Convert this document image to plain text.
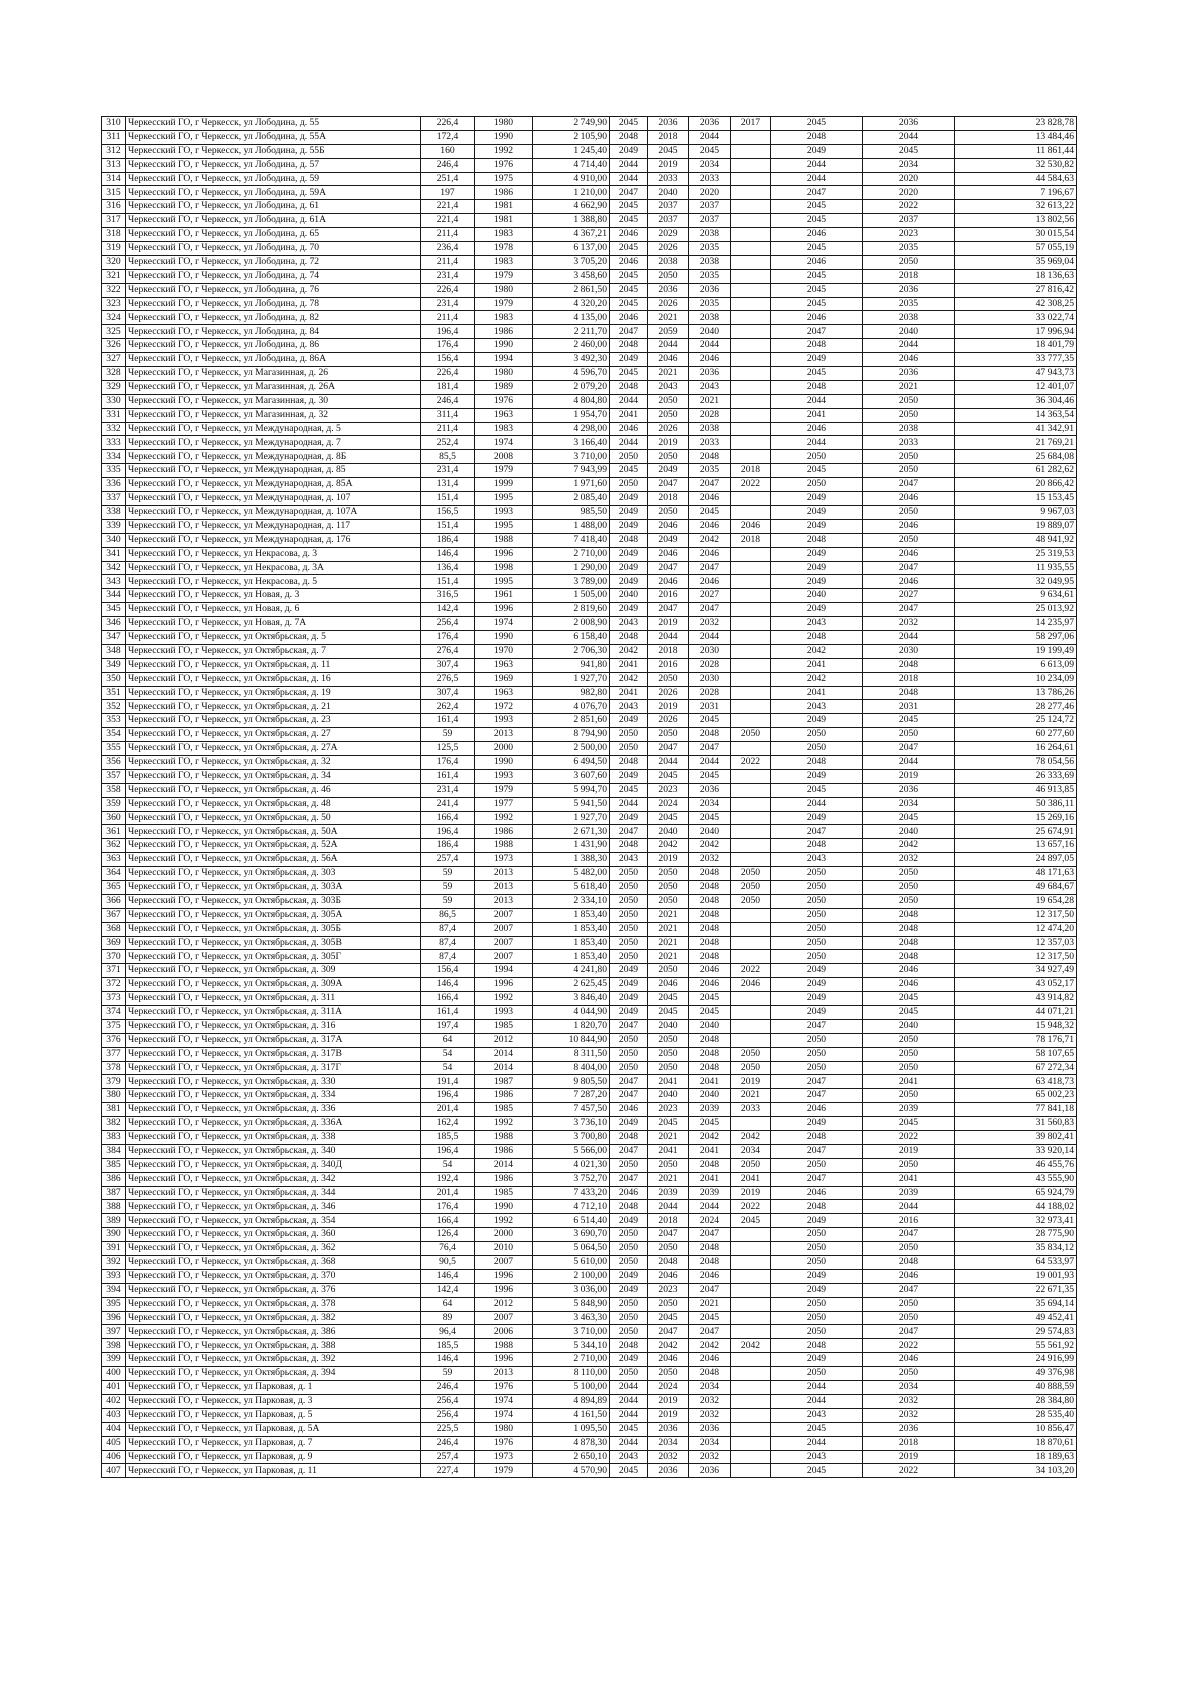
310	Черкесский ГО, г Черкесск, ул Лободина, д. 55	226,4	1980	2 749,90	2045	2036	2036	2017	2045	2036	23 828,78
311	Черкесский ГО, г Черкесск, ул Лободина, д. 55А	172,4	1990	2 105,90	2048	2018	2044		2048	2044	13 484,46
312	Черкесский ГО, г Черкесск, ул Лободина, д. 55Б	160	1992	1 245,40	2049	2045	2045		2049	2045	11 861,44
313	Черкесский ГО, г Черкесск, ул Лободина, д. 57	246,4	1976	4 714,40	2044	2019	2034		2044	2034	32 530,82
314	Черкесский ГО, г Черкесск, ул Лободина, д. 59	251,4	1975	4 910,00	2044	2033	2033		2044	2020	44 584,63
315	Черкесский ГО, г Черкесск, ул Лободина, д. 59А	197	1986	1 210,00	2047	2040	2020		2047	2020	7 196,67
316	Черкесский ГО, г Черкесск, ул Лободина, д. 61	221,4	1981	4 662,90	2045	2037	2037		2045	2022	32 613,22
317	Черкесский ГО, г Черкесск, ул Лободина, д. 61А	221,4	1981	1 388,80	2045	2037	2037		2045	2037	13 802,56
318	Черкесский ГО, г Черкесск, ул Лободина, д. 65	211,4	1983	4 367,21	2046	2029	2038		2046	2023	30 015,54
319	Черкесский ГО, г Черкесск, ул Лободина, д. 70	236,4	1978	6 137,00	2045	2026	2035		2045	2035	57 055,19
320	Черкесский ГО, г Черкесск, ул Лободина, д. 72	211,4	1983	3 705,20	2046	2038	2038		2046	2050	35 969,04
321	Черкесский ГО, г Черкесск, ул Лободина, д. 74	231,4	1979	3 458,60	2045	2050	2035		2045	2018	18 136,63
322	Черкесский ГО, г Черкесск, ул Лободина, д. 76	226,4	1980	2 861,50	2045	2036	2036		2045	2036	27 816,42
323	Черкесский ГО, г Черкесск, ул Лободина, д. 78	231,4	1979	4 320,20	2045	2026	2035		2045	2035	42 308,25
324	Черкесский ГО, г Черкесск, ул Лободина, д. 82	211,4	1983	4 135,00	2046	2021	2038		2046	2038	33 022,74
325	Черкесский ГО, г Черкесск, ул Лободина, д. 84	196,4	1986	2 211,70	2047	2059	2040		2047	2040	17 996,94
326	Черкесский ГО, г Черкесск, ул Лободина, д. 86	176,4	1990	2 460,00	2048	2044	2044		2048	2044	18 401,79
327	Черкесский ГО, г Черкесск, ул Лободина, д. 86А	156,4	1994	3 492,30	2049	2046	2046		2049	2046	33 777,35
328	Черкесский ГО, г Черкесск, ул Магазинная, д. 26	226,4	1980	4 596,70	2045	2021	2036		2045	2036	47 943,73
329	Черкесский ГО, г Черкесск, ул Магазинная, д. 26А	181,4	1989	2 079,20	2048	2043	2043		2048	2021	12 401,07
330	Черкесский ГО, г Черкесск, ул Магазинная, д. 30	246,4	1976	4 804,80	2044	2050	2021		2044	2050	36 304,46
331	Черкесский ГО, г Черкесск, ул Магазинная, д. 32	311,4	1963	1 954,70	2041	2050	2028		2041	2050	14 363,54
332	Черкесский ГО, г Черкесск, ул Международная, д. 5	211,4	1983	4 298,00	2046	2026	2038		2046	2038	41 342,91
333	Черкесский ГО, г Черкесск, ул Международная, д. 7	252,4	1974	3 166,40	2044	2019	2033		2044	2033	21 769,21
334	Черкесский ГО, г Черкесск, ул Международная, д. 8Б	85,5	2008	3 710,00	2050	2050	2048		2050	2050	25 684,08
335	Черкесский ГО, г Черкесск, ул Международная, д. 85	231,4	1979	7 943,99	2045	2049	2035	2018	2045	2050	61 282,62
336	Черкесский ГО, г Черкесск, ул Международная, д. 85А	131,4	1999	1 971,60	2050	2047	2047	2022	2050	2047	20 866,42
337	Черкесский ГО, г Черкесск, ул Международная, д. 107	151,4	1995	2 085,40	2049	2018	2046		2049	2046	15 153,45
338	Черкесский ГО, г Черкесск, ул Международная, д. 107А	156,5	1993	985,50	2049	2050	2045		2049	2050	9 967,03
339	Черкесский ГО, г Черкесск, ул Международная, д. 117	151,4	1995	1 488,00	2049	2046	2046	2046	2049	2046	19 889,07
340	Черкесский ГО, г Черкесск, ул Международная, д. 176	186,4	1988	7 418,40	2048	2049	2042	2018	2048	2050	48 941,92
341	Черкесский ГО, г Черкесск, ул Некрасова, д. 3	146,4	1996	2 710,00	2049	2046	2046		2049	2046	25 319,53
342	Черкесский ГО, г Черкесск, ул Некрасова, д. 3А	136,4	1998	1 290,00	2049	2047	2047		2049	2047	11 935,55
343	Черкесский ГО, г Черкесск, ул Некрасова, д. 5	151,4	1995	3 789,00	2049	2046	2046		2049	2046	32 049,95
344	Черкесский ГО, г Черкесск, ул Новая, д. 3	316,5	1961	1 505,00	2040	2016	2027		2040	2027	9 634,61
345	Черкесский ГО, г Черкесск, ул Новая, д. 6	142,4	1996	2 819,60	2049	2047	2047		2049	2047	25 013,92
346	Черкесский ГО, г Черкесск, ул Новая, д. 7А	256,4	1974	2 008,90	2043	2019	2032		2043	2032	14 235,97
347	Черкесский ГО, г Черкесск, ул Октябрьская, д. 5	176,4	1990	6 158,40	2048	2044	2044		2048	2044	58 297,06
348	Черкесский ГО, г Черкесск, ул Октябрьская, д. 7	276,4	1970	2 706,30	2042	2018	2030		2042	2030	19 199,49
349	Черкесский ГО, г Черкесск, ул Октябрьская, д. 11	307,4	1963	941,80	2041	2016	2028		2041	2048	6 613,09
350	Черкесский ГО, г Черкесск, ул Октябрьская, д. 16	276,5	1969	1 927,70	2042	2050	2030		2042	2018	10 234,09
351	Черкесский ГО, г Черкесск, ул Октябрьская, д. 19	307,4	1963	982,80	2041	2026	2028		2041	2048	13 786,26
352	Черкесский ГО, г Черкесск, ул Октябрьская, д. 21	262,4	1972	4 076,70	2043	2019	2031		2043	2031	28 277,46
353	Черкесский ГО, г Черкесск, ул Октябрьская, д. 23	161,4	1993	2 851,60	2049	2026	2045		2049	2045	25 124,72
354	Черкесский ГО, г Черкесск, ул Октябрьская, д. 27	59	2013	8 794,90	2050	2050	2048	2050	2050	2050	60 277,60
355	Черкесский ГО, г Черкесск, ул Октябрьская, д. 27А	125,5	2000	2 500,00	2050	2047	2047		2050	2047	16 264,61
356	Черкесский ГО, г Черкесск, ул Октябрьская, д. 32	176,4	1990	6 494,50	2048	2044	2044	2022	2048	2044	78 054,56
357	Черкесский ГО, г Черкесск, ул Октябрьская, д. 34	161,4	1993	3 607,60	2049	2045	2045		2049	2019	26 333,69
358	Черкесский ГО, г Черкесск, ул Октябрьская, д. 46	231,4	1979	5 994,70	2045	2023	2036		2045	2036	46 913,85
359	Черкесский ГО, г Черкесск, ул Октябрьская, д. 48	241,4	1977	5 941,50	2044	2024	2034		2044	2034	50 386,11
360	Черкесский ГО, г Черкесск, ул Октябрьская, д. 50	166,4	1992	1 927,70	2049	2045	2045		2049	2045	15 269,16
361	Черкесский ГО, г Черкесск, ул Октябрьская, д. 50А	196,4	1986	2 671,30	2047	2040	2040		2047	2040	25 674,91
362	Черкесский ГО, г Черкесск, ул Октябрьская, д. 52А	186,4	1988	1 431,90	2048	2042	2042		2048	2042	13 657,16
363	Черкесский ГО, г Черкесск, ул Октябрьская, д. 56А	257,4	1973	1 388,30	2043	2019	2032		2043	2032	24 897,05
364	Черкесский ГО, г Черкесск, ул Октябрьская, д. 303	59	2013	5 482,00	2050	2050	2048	2050	2050	2050	48 171,63
365	Черкесский ГО, г Черкесск, ул Октябрьская, д. 303А	59	2013	5 618,40	2050	2050	2048	2050	2050	2050	49 684,67
366	Черкесский ГО, г Черкесск, ул Октябрьская, д. 303Б	59	2013	2 334,10	2050	2050	2048	2050	2050	2050	19 654,28
367	Черкесский ГО, г Черкесск, ул Октябрьская, д. 305А	86,5	2007	1 853,40	2050	2021	2048		2050	2048	12 317,50
368	Черкесский ГО, г Черкесск, ул Октябрьская, д. 305Б	87,4	2007	1 853,40	2050	2021	2048		2050	2048	12 474,20
369	Черкесский ГО, г Черкесск, ул Октябрьская, д. 305В	87,4	2007	1 853,40	2050	2021	2048		2050	2048	12 357,03
370	Черкесский ГО, г Черкесск, ул Октябрьская, д. 305Г	87,4	2007	1 853,40	2050	2021	2048		2050	2048	12 317,50
371	Черкесский ГО, г Черкесск, ул Октябрьская, д. 309	156,4	1994	4 241,80	2049	2050	2046	2022	2049	2046	34 927,49
372	Черкесский ГО, г Черкесск, ул Октябрьская, д. 309А	146,4	1996	2 625,45	2049	2046	2046	2046	2049	2046	43 052,17
373	Черкесский ГО, г Черкесск, ул Октябрьская, д. 311	166,4	1992	3 846,40	2049	2045	2045		2049	2045	43 914,82
374	Черкесский ГО, г Черкесск, ул Октябрьская, д. 311А	161,4	1993	4 044,90	2049	2045	2045		2049	2045	44 071,21
375	Черкесский ГО, г Черкесск, ул Октябрьская, д. 316	197,4	1985	1 820,70	2047	2040	2040		2047	2040	15 948,32
376	Черкесский ГО, г Черкесск, ул Октябрьская, д. 317А	64	2012	10 844,90	2050	2050	2048		2050	2050	78 176,71
377	Черкесский ГО, г Черкесск, ул Октябрьская, д. 317В	54	2014	8 311,50	2050	2050	2048	2050	2050	2050	58 107,65
378	Черкесский ГО, г Черкесск, ул Октябрьская, д. 317Г	54	2014	8 404,00	2050	2050	2048	2050	2050	2050	67 272,34
379	Черкесский ГО, г Черкесск, ул Октябрьская, д. 330	191,4	1987	9 805,50	2047	2041	2041	2019	2047	2041	63 418,73
380	Черкесский ГО, г Черкесск, ул Октябрьская, д. 334	196,4	1986	7 287,20	2047	2040	2040	2021	2047	2050	65 002,23
381	Черкесский ГО, г Черкесск, ул Октябрьская, д. 336	201,4	1985	7 457,50	2046	2023	2039	2033	2046	2039	77 841,18
382	Черкесский ГО, г Черкесск, ул Октябрьская, д. 336А	162,4	1992	3 736,10	2049	2045	2045		2049	2045	31 560,83
383	Черкесский ГО, г Черкесск, ул Октябрьская, д. 338	185,5	1988	3 700,80	2048	2021	2042	2042	2048	2022	39 802,41
384	Черкесский ГО, г Черкесск, ул Октябрьская, д. 340	196,4	1986	5 566,00	2047	2041	2041	2034	2047	2019	33 920,14
385	Черкесский ГО, г Черкесск, ул Октябрьская, д. 340Д	54	2014	4 021,30	2050	2050	2048	2050	2050	2050	46 455,76
386	Черкесский ГО, г Черкесск, ул Октябрьская, д. 342	192,4	1986	3 752,70	2047	2021	2041	2041	2047	2041	43 555,90
387	Черкесский ГО, г Черкесск, ул Октябрьская, д. 344	201,4	1985	7 433,20	2046	2039	2039	2019	2046	2039	65 924,79
388	Черкесский ГО, г Черкесск, ул Октябрьская, д. 346	176,4	1990	4 712,10	2048	2044	2044	2022	2048	2044	44 188,02
389	Черкесский ГО, г Черкесск, ул Октябрьская, д. 354	166,4	1992	6 514,40	2049	2018	2024	2045	2049	2016	32 973,41
390	Черкесский ГО, г Черкесск, ул Октябрьская, д. 360	126,4	2000	3 690,70	2050	2047	2047		2050	2047	28 775,90
391	Черкесский ГО, г Черкесск, ул Октябрьская, д. 362	76,4	2010	5 064,50	2050	2050	2048		2050	2050	35 834,12
392	Черкесский ГО, г Черкесск, ул Октябрьская, д. 368	90,5	2007	5 610,00	2050	2048	2048		2050	2048	64 533,97
393	Черкесский ГО, г Черкесск, ул Октябрьская, д. 370	146,4	1996	2 100,00	2049	2046	2046		2049	2046	19 001,93
394	Черкесский ГО, г Черкесск, ул Октябрьская, д. 376	142,4	1996	3 036,00	2049	2023	2047		2049	2047	22 671,35
395	Черкесский ГО, г Черкесск, ул Октябрьская, д. 378	64	2012	5 848,90	2050	2050	2021		2050	2050	35 694,14
396	Черкесский ГО, г Черкесск, ул Октябрьская, д. 382	89	2007	3 463,30	2050	2045	2045		2050	2050	49 452,41
397	Черкесский ГО, г Черкесск, ул Октябрьская, д. 386	96,4	2006	3 710,00	2050	2047	2047		2050	2047	29 574,83
398	Черкесский ГО, г Черкесск, ул Октябрьская, д. 388	185,5	1988	5 344,10	2048	2042	2042	2042	2048	2022	55 561,92
399	Черкесский ГО, г Черкесск, ул Октябрьская, д. 392	146,4	1996	2 710,00	2049	2046	2046		2049	2046	24 916,99
400	Черкесский ГО, г Черкесск, ул Октябрьская, д. 394	59	2013	8 110,00	2050	2050	2048		2050	2050	49 376,98
401	Черкесский ГО, г Черкесск, ул Парковая, д. 1	246,4	1976	5 100,00	2044	2024	2034		2044	2034	40 888,59
402	Черкесский ГО, г Черкесск, ул Парковая, д. 3	256,4	1974	4 894,89	2044	2019	2032		2044	2032	28 384,80
403	Черкесский ГО, г Черкесск, ул Парковая, д. 5	256,4	1974	4 161,50	2044	2019	2032		2043	2032	28 535,40
404	Черкесский ГО, г Черкесск, ул Парковая, д. 5А	225,5	1980	1 095,50	2045	2036	2036		2045	2036	10 856,47
405	Черкесский ГО, г Черкесск, ул Парковая, д. 7	246,4	1976	4 878,30	2044	2034	2034		2044	2018	18 870,61
406	Черкесский ГО, г Черкесск, ул Парковая, д. 9	257,4	1973	2 650,10	2043	2032	2032		2043	2019	18 189,63
407	Черкесский ГО, г Черкесск, ул Парковая, д. 11	227,4	1979	4 570,90	2045	2036	2036		2045	2022	34 103,20
